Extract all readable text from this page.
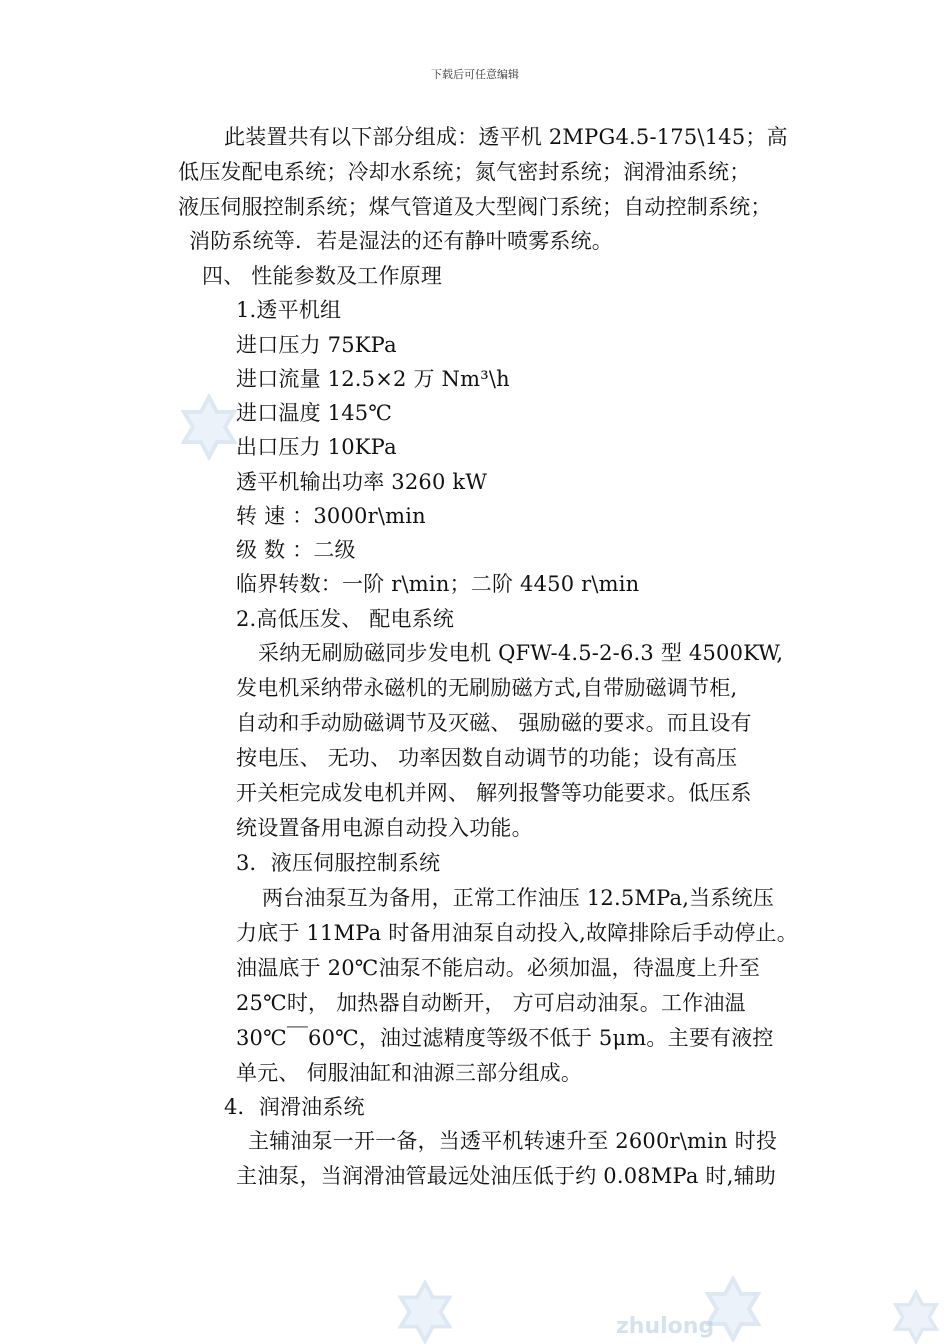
下载后可任意编辑
zhulong
此装置共有以下部分组成：透平机 2MPG4.5-175\145；高
低压发配电系统；冷却水系统；氮气密封系统；润滑油系统；
液压伺服控制系统；煤气管道及大型阀门系统；自动控制系统；
消防系统等．若是湿法的还有静叶喷雾系统。
四、 性能参数及工作原理
1.透平机组
进口压力 75KPa
进口流量 12.5×2 万 Nm³\h
进口温度 145℃
出口压力 10KPa
透平机输出功率 3260 kW
转 速 ：3000r\min
级 数 ：二级
临界转数：一阶 r\min；二阶 4450 r\min
2.高低压发、 配电系统
采纳无刷励磁同步发电机 QFW-4.5-2-6.3 型 4500KW,
发电机采纳带永磁机的无刷励磁方式,自带励磁调节柜,
自动和手动励磁调节及灭磁、 强励磁的要求。而且设有
按电压、 无功、 功率因数自动调节的功能；设有高压
开关柜完成发电机并网、 解列报警等功能要求。低压系
统设置备用电源自动投入功能。
3．液压伺服控制系统
两台油泵互为备用，正常工作油压 12.5MPa,当系统压
力底于 11MPa 时备用油泵自动投入,故障排除后手动停止。
油温底于 20℃油泵不能启动。必须加温，待温度上升至
25℃时， 加热器自动断开， 方可启动油泵。工作油温
30℃￣60℃，油过滤精度等级不低于 5μm。主要有液控
单元、 伺服油缸和油源三部分组成。
4．润滑油系统
主辅油泵一开一备，当透平机转速升至 2600r\min 时投
主油泵，当润滑油管最远处油压低于约 0.08MPa 时,辅助
